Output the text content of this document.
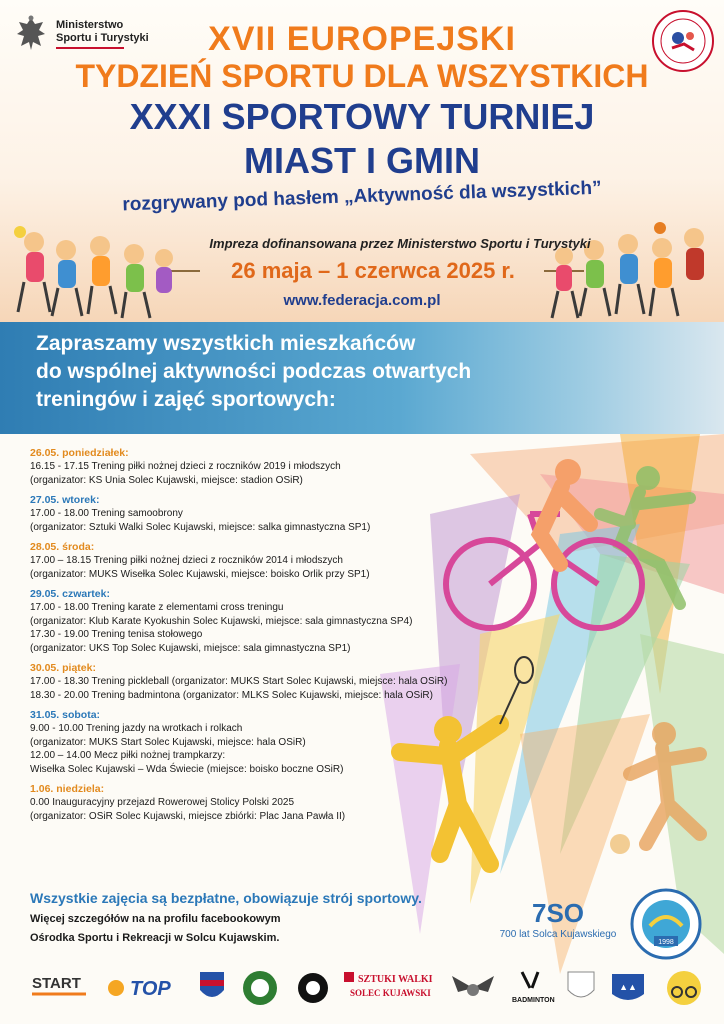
Ministerstwo
Sportu i Turystyki	XVII EUROPEJSKI
TYDZIEŃ SPORTU DLA WSZYSTKICH
XXXI SPORTOWY TURNIEJ
MIAST I GMIN
rozgrywany pod hasłem „Aktywność dla wszystkich”
Impreza dofinansowana przez Ministerstwo Sportu i Turystyki
26 maja – 1 czerwca 2025 r.
www.federacja.com.pl
Zapraszamy wszystkich mieszkańców
do wspólnej aktywności podczas otwartych
treningów i zajęć sportowych:
26.05. poniedziałek:
16.15 - 17.15 Trening piłki nożnej dzieci z roczników 2019 i młodszych
(organizator: KS Unia Solec Kujawski, miejsce: stadion OSiR)
27.05. wtorek:
17.00 - 18.00 Trening samoobrony
(organizator: Sztuki Walki Solec Kujawski, miejsce: salka gimnastyczna SP1)
28.05. środa:
17.00 – 18.15 Trening piłki nożnej dzieci z roczników 2014 i młodszych
(organizator: MUKS Wisełka Solec Kujawski, miejsce: boisko Orlik przy SP1)
29.05. czwartek:
17.00 - 18.00 Trening karate z elementami cross treningu
(organizator: Klub Karate Kyokushin Solec Kujawski, miejsce: sala gimnastyczna SP4)
17.30 - 19.00 Trening tenisa stołowego
(organizator: UKS Top Solec Kujawski, miejsce: sala gimnastyczna SP1)
30.05. piątek:
17.00 - 18.30 Trening pickleball (organizator: MUKS Start Solec Kujawski, miejsce: hala OSiR)
18.30 - 20.00 Trening badmintona (organizator: MLKS Solec Kujawski, miejsce: hala OSiR)
31.05. sobota:
9.00 - 10.00 Trening jazdy na wrotkach i rolkach
(organizator: MUKS Start Solec Kujawski, miejsce: hala OSiR)
12.00 – 14.00 Mecz piłki nożnej trampkarzy:
Wisełka Solec Kujawski – Wda Świecie (miejsce: boisko boczne OSiR)
1.06. niedziela:
0.00 Inauguracyjny przejazd Rowerowej Stolicy Polski 2025
(organizator: OSiR Solec Kujawski, miejsce zbiórki: Plac Jana Pawła II)
Wszystkie zajęcia są bezpłatne, obowiązuje strój sportowy.
Więcej szczegółów na na profilu facebookowym
Ośrodka Sportu i Rekreacji w Solcu Kujawskim.
7SO
700 lat Solca Kujawskiego
1998
START TOP	SZTUKI WALKI
SOLEC KUJAWSKI
BADMINTON
▲▲
